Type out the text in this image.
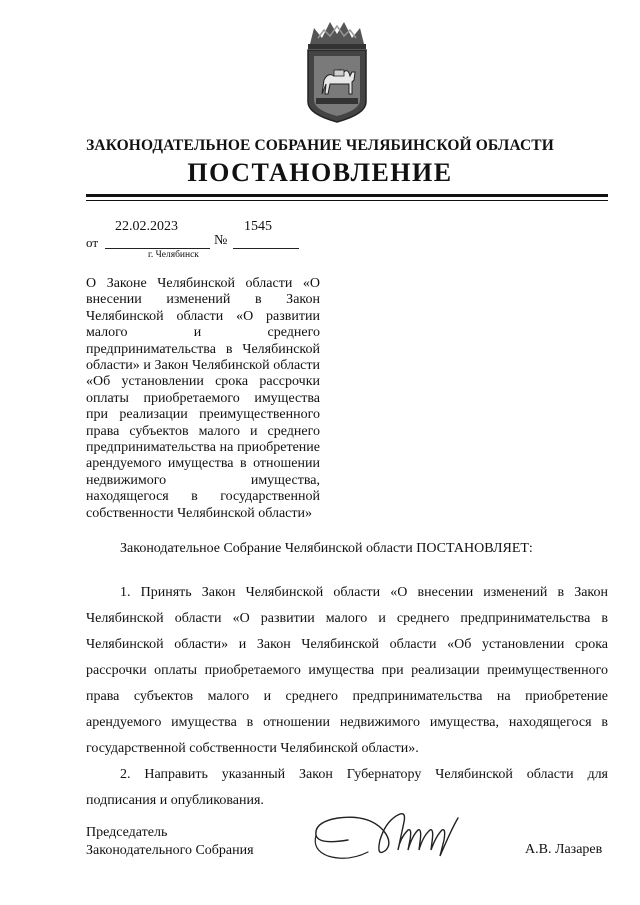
ЗАКОНОДАТЕЛЬНОЕ СОБРАНИЕ ЧЕЛЯБИНСКОЙ ОБЛАСТИ
ПОСТАНОВЛЕНИЕ
22.02.2023	1545
от	№
г. Челябинск
О Законе Челябинской области «О внесении изменений в Закон Челябинской области «О развитии малого и среднего предпринимательства в Челябинской области» и Закон Челябинской области «Об установлении срока рассрочки оплаты приобретаемого имущества при реализации преимущественного права субъектов малого и среднего предпринимательства на приобретение арендуемого имущества в отношении недвижимого имущества, находящегося в государственной собственности Челябинской области»

Законодательное Собрание Челябинской области ПОСТАНОВЛЯЕТ:

1. Принять Закон Челябинской области «О внесении изменений в Закон Челябинской области «О развитии малого и среднего предпринимательства в Челябинской области» и Закон Челябинской области «Об установлении срока рассрочки оплаты приобретаемого имущества при реализации преимущественного права субъектов малого и среднего предпринимательства на приобретение арендуемого имущества в отношении недвижимого имущества, находящегося в государственной собственности Челябинской области».

2. Направить указанный Закон Губернатору Челябинской области для подписания и опубликования.

Председатель
Законодательного Собрания	А.В. Лазарев
